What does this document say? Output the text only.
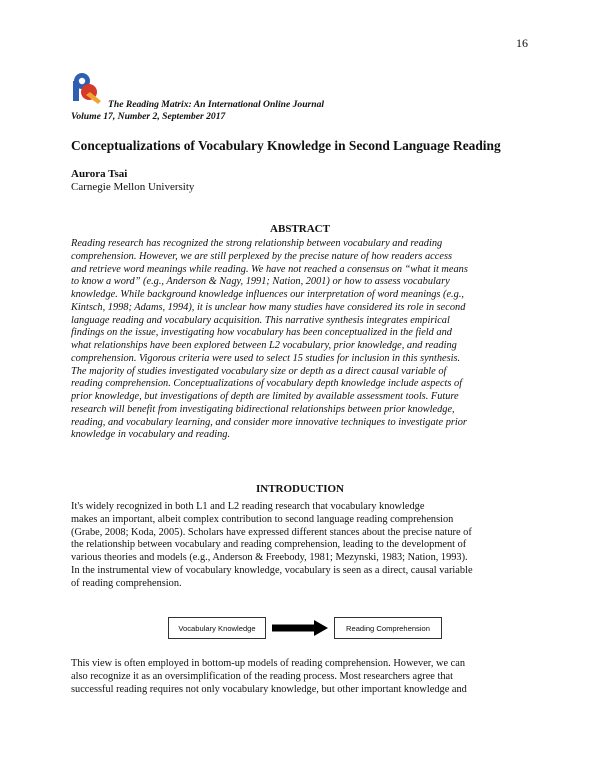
16
The Reading Matrix: An International Online Journal
Volume 17, Number 2, September 2017
Conceptualizations of Vocabulary Knowledge in Second Language Reading
Aurora Tsai
Carnegie Mellon University
ABSTRACT
Reading research has recognized the strong relationship between vocabulary and reading
comprehension. However, we are still perplexed by the precise nature of how readers access
and retrieve word meanings while reading. We have not reached a consensus on “what it means
to know a word” (e.g., Anderson & Nagy, 1991; Nation, 2001) or how to assess vocabulary
knowledge. While background knowledge influences our interpretation of word meanings (e.g.,
Kintsch, 1998; Adams, 1994), it is unclear how many studies have considered its role in second
language reading and vocabulary acquisition. This narrative synthesis integrates empirical
findings on the issue, investigating how vocabulary has been conceptualized in the field and
what relationships have been explored between L2 vocabulary, prior knowledge, and reading
comprehension. Vigorous criteria were used to select 15 studies for inclusion in this synthesis.
The majority of studies investigated vocabulary size or depth as a direct causal variable of
reading comprehension. Conceptualizations of vocabulary depth knowledge include aspects of
prior knowledge, but investigations of depth are limited by available assessment tools. Future
research will benefit from investigating bidirectional relationships between prior knowledge,
reading, and vocabulary learning, and consider more innovative techniques to investigate prior
knowledge in vocabulary and reading.
INTRODUCTION
It's widely recognized in both L1 and L2 reading research that vocabulary knowledge
makes an important, albeit complex contribution to second language reading comprehension
(Grabe, 2008; Koda, 2005). Scholars have expressed different stances about the precise nature of
the relationship between vocabulary and reading comprehension, leading to the development of
various theories and models (e.g., Anderson & Freebody, 1981; Mezynski, 1983; Nation, 1993).
In the instrumental view of vocabulary knowledge, vocabulary is seen as a direct, causal variable
of reading comprehension.
Vocabulary Knowledge	Reading Comprehension
This view is often employed in bottom-up models of reading comprehension. However, we can
also recognize it as an oversimplification of the reading process. Most researchers agree that
successful reading requires not only vocabulary knowledge, but other important knowledge and
